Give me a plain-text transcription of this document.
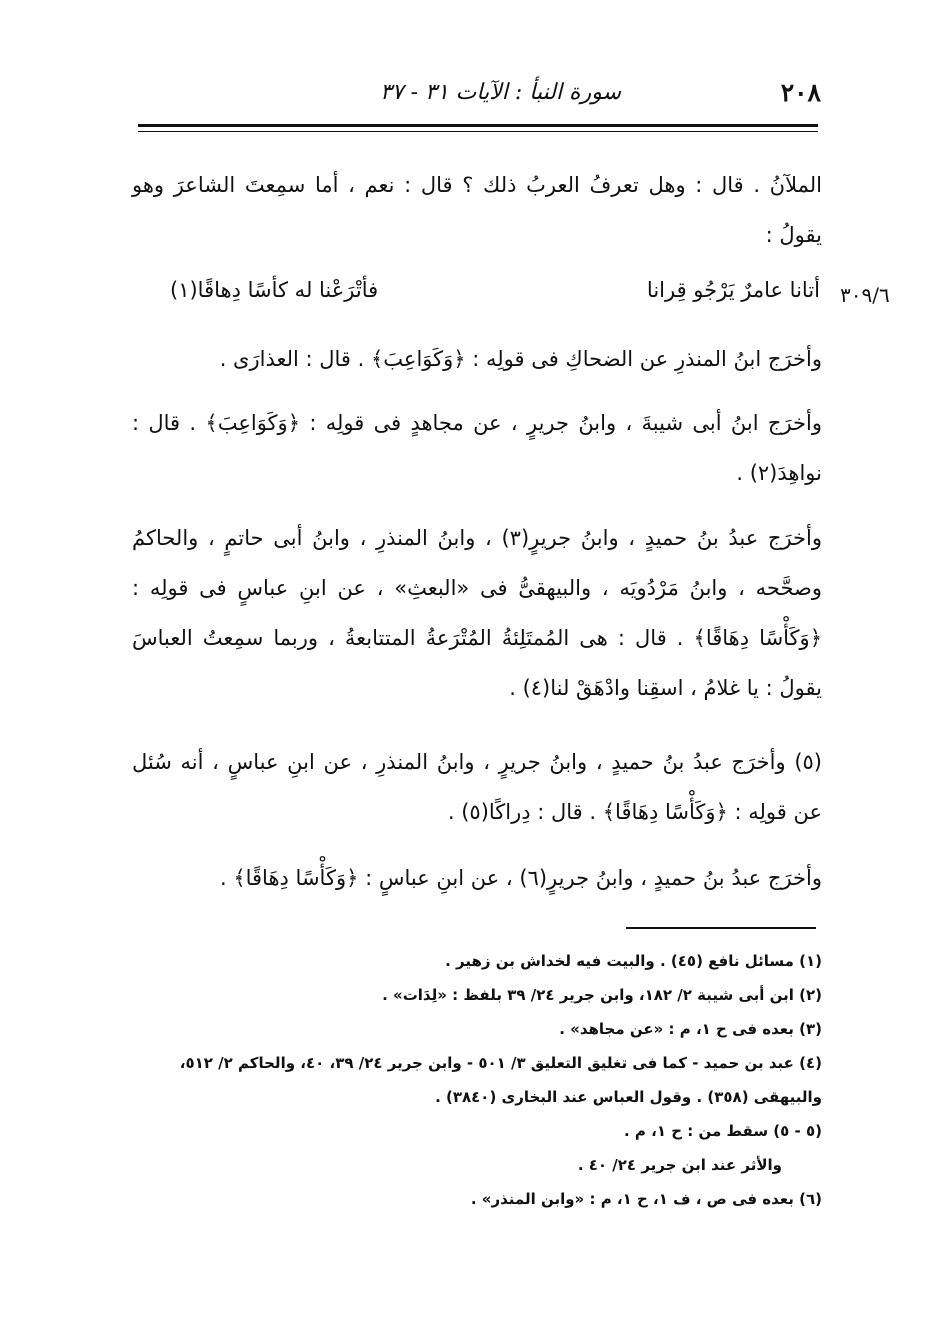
٢٠٨
سورة النبأ : الآيات ٣١ - ٣٧
الملآنُ . قال : وهل تعرفُ العربُ ذلك ؟ قال : نعم ، أما سمِعتَ الشاعرَ وهو يقولُ :
٣٠٩/٦
أتانا عامرٌ يَرْجُو قِرانا
فأتْرَعْنا له كأسًا دِهاقًا(١)
وأخرَج ابنُ المنذرِ عن الضحاكِ فى قولِه : ﴿وَكَوَاعِبَ﴾ . قال : العذارَى .
وأخرَج ابنُ أبى شيبةَ ، وابنُ جريرٍ ، عن مجاهدٍ فى قولِه : ﴿وَكَوَاعِبَ﴾ . قال : نواهِدَ(٢) .
وأخرَج عبدُ بنُ حميدٍ ، وابنُ جريرٍ(٣) ، وابنُ المنذرِ ، وابنُ أبى حاتمٍ ، والحاكمُ وصحَّحه ، وابنُ مَرْدُويَه ، والبيهقىُّ فى «البعثِ» ، عن ابنِ عباسٍ فى قولِه : ﴿وَكَأْسًا دِهَاقًا﴾ . قال : هى المُمتَلِئةُ المُتْرَعةُ المتتابعةُ ، وربما سمِعتُ العباسَ يقولُ : يا غلامُ ، اسقِنا وادْهَقْ لنا(٤) .
(٥) وأخرَج عبدُ بنُ حميدٍ ، وابنُ جريرٍ ، وابنُ المنذرِ ، عن ابنِ عباسٍ ، أنه سُئل عن قولِه : ﴿وَكَأْسًا دِهَاقًا﴾ . قال : دِراكًا(٥) .
وأخرَج عبدُ بنُ حميدٍ ، وابنُ جريرٍ(٦) ، عن ابنِ عباسٍ : ﴿وَكَأْسًا دِهَاقًا﴾ .
(١) مسائل نافع (٤٥) . والبيت فيه لخداش بن زهير .
(٢) ابن أبى شيبة ٢/ ١٨٢، وابن جرير ٢٤/ ٣٩ بلفظ : «لِدَات» .
(٣) بعده فى ح ١، م : «عن مجاهد» .
(٤) عبد بن حميد - كما فى تغليق التعليق ٣/ ٥٠١ - وابن جرير ٢٤/ ٣٩، ٤٠، والحاكم ٢/ ٥١٢،
والبيهقى (٣٥٨) . وقول العباس عند البخارى (٣٨٤٠) .
(٥ - ٥) سقط من : ح ١، م .
والأثر عند ابن جرير ٢٤/ ٤٠ .
(٦) بعده فى ص ، ف ١، ح ١، م : «وابن المنذر» .
